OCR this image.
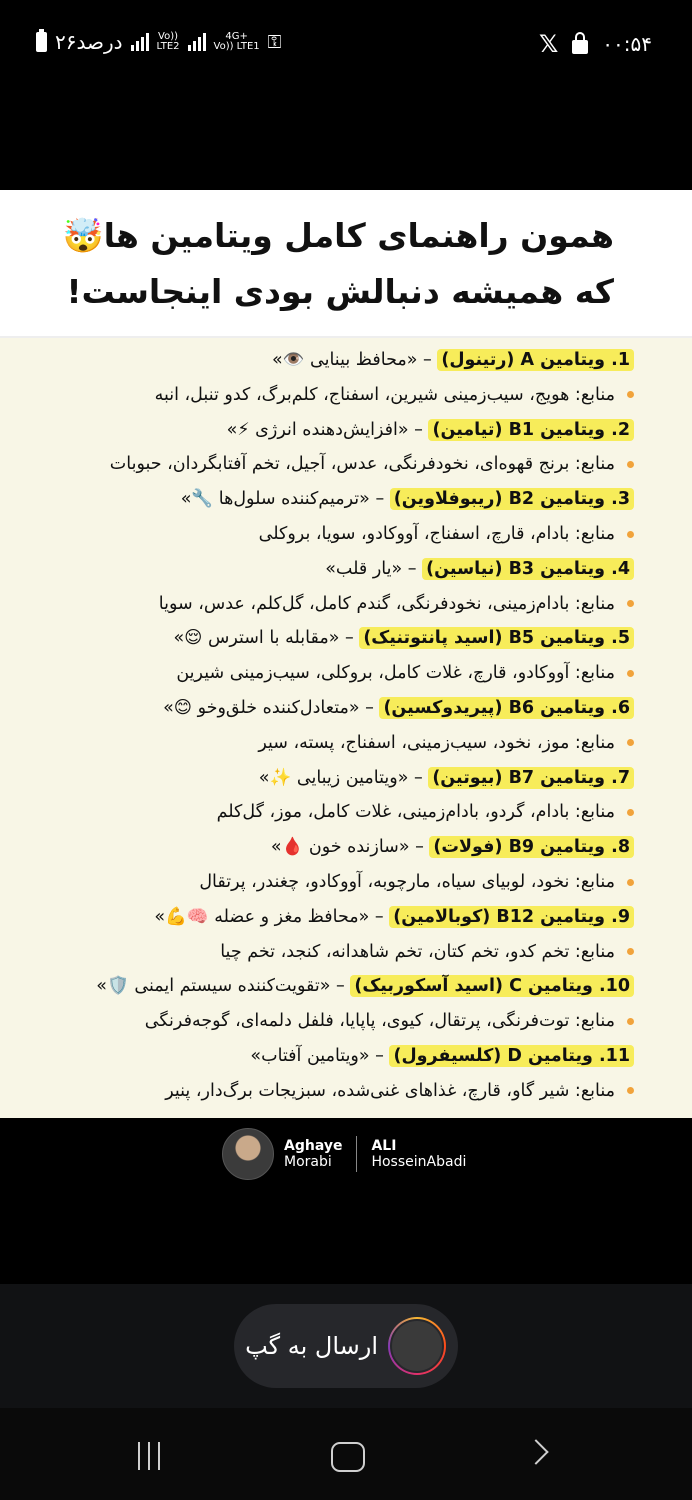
𝕏 ۰۰:۵۴
۲۶درصد	Vo))
LTE2
4G+
Vo)) LTE1 ⚿
همون راهنمای کامل ویتامین ها🤯
که همیشه دنبالش بودی اینجاست!
1. ویتامین A (رتینول) – «محافظ بینایی 👁️»
منابع: هویج، سیب‌زمینی شیرین، اسفناج، کلم‌برگ، کدو تنبل، انبه
2. ویتامین B1 (تیامین) – «افزایش‌دهنده انرژی ⚡»
منابع: برنج قهوه‌ای، نخودفرنگی، عدس، آجیل، تخم آفتابگردان، حبوبات
3. ویتامین B2 (ریبوفلاوین) – «ترمیم‌کننده سلول‌ها 🔧»
منابع: بادام، قارچ، اسفناج، آووکادو، سویا، بروکلی
4. ویتامین B3 (نیاسین) – «یار قلب»
منابع: بادام‌زمینی، نخودفرنگی، گندم کامل، گل‌کلم، عدس، سویا
5. ویتامین B5 (اسید پانتوتنیک) – «مقابله با استرس 😌»
منابع: آووکادو، قارچ، غلات کامل، بروکلی، سیب‌زمینی شیرین
6. ویتامین B6 (پیریدوکسین) – «متعادل‌کننده خلق‌وخو 😊»
منابع: موز، نخود، سیب‌زمینی، اسفناج، پسته، سیر
7. ویتامین B7 (بیوتین) – «ویتامین زیبایی ✨»
منابع: بادام، گردو، بادام‌زمینی، غلات کامل، موز، گل‌کلم
8. ویتامین B9 (فولات) – «سازنده خون 🩸»
منابع: نخود، لوبیای سیاه، مارچوبه، آووکادو، چغندر، پرتقال
9. ویتامین B12 (کوبالامین) – «محافظ مغز و عضله 🧠💪»
منابع: تخم کدو، تخم کتان، تخم شاهدانه، کنجد، تخم چیا
10. ویتامین C (اسید آسکوربیک) – «تقویت‌کننده سیستم ایمنی 🛡️»
منابع: توت‌فرنگی، پرتقال، کیوی، پاپایا، فلفل دلمه‌ای، گوجه‌فرنگی
11. ویتامین D (کلسیفرول) – «ویتامین آفتاب»
منابع: شیر گاو، قارچ، غذاهای غنی‌شده، سبزیجات برگ‌دار، پنیر
Aghaye
Morabi
ALI
HosseinAbadi
ارسال به گپ
